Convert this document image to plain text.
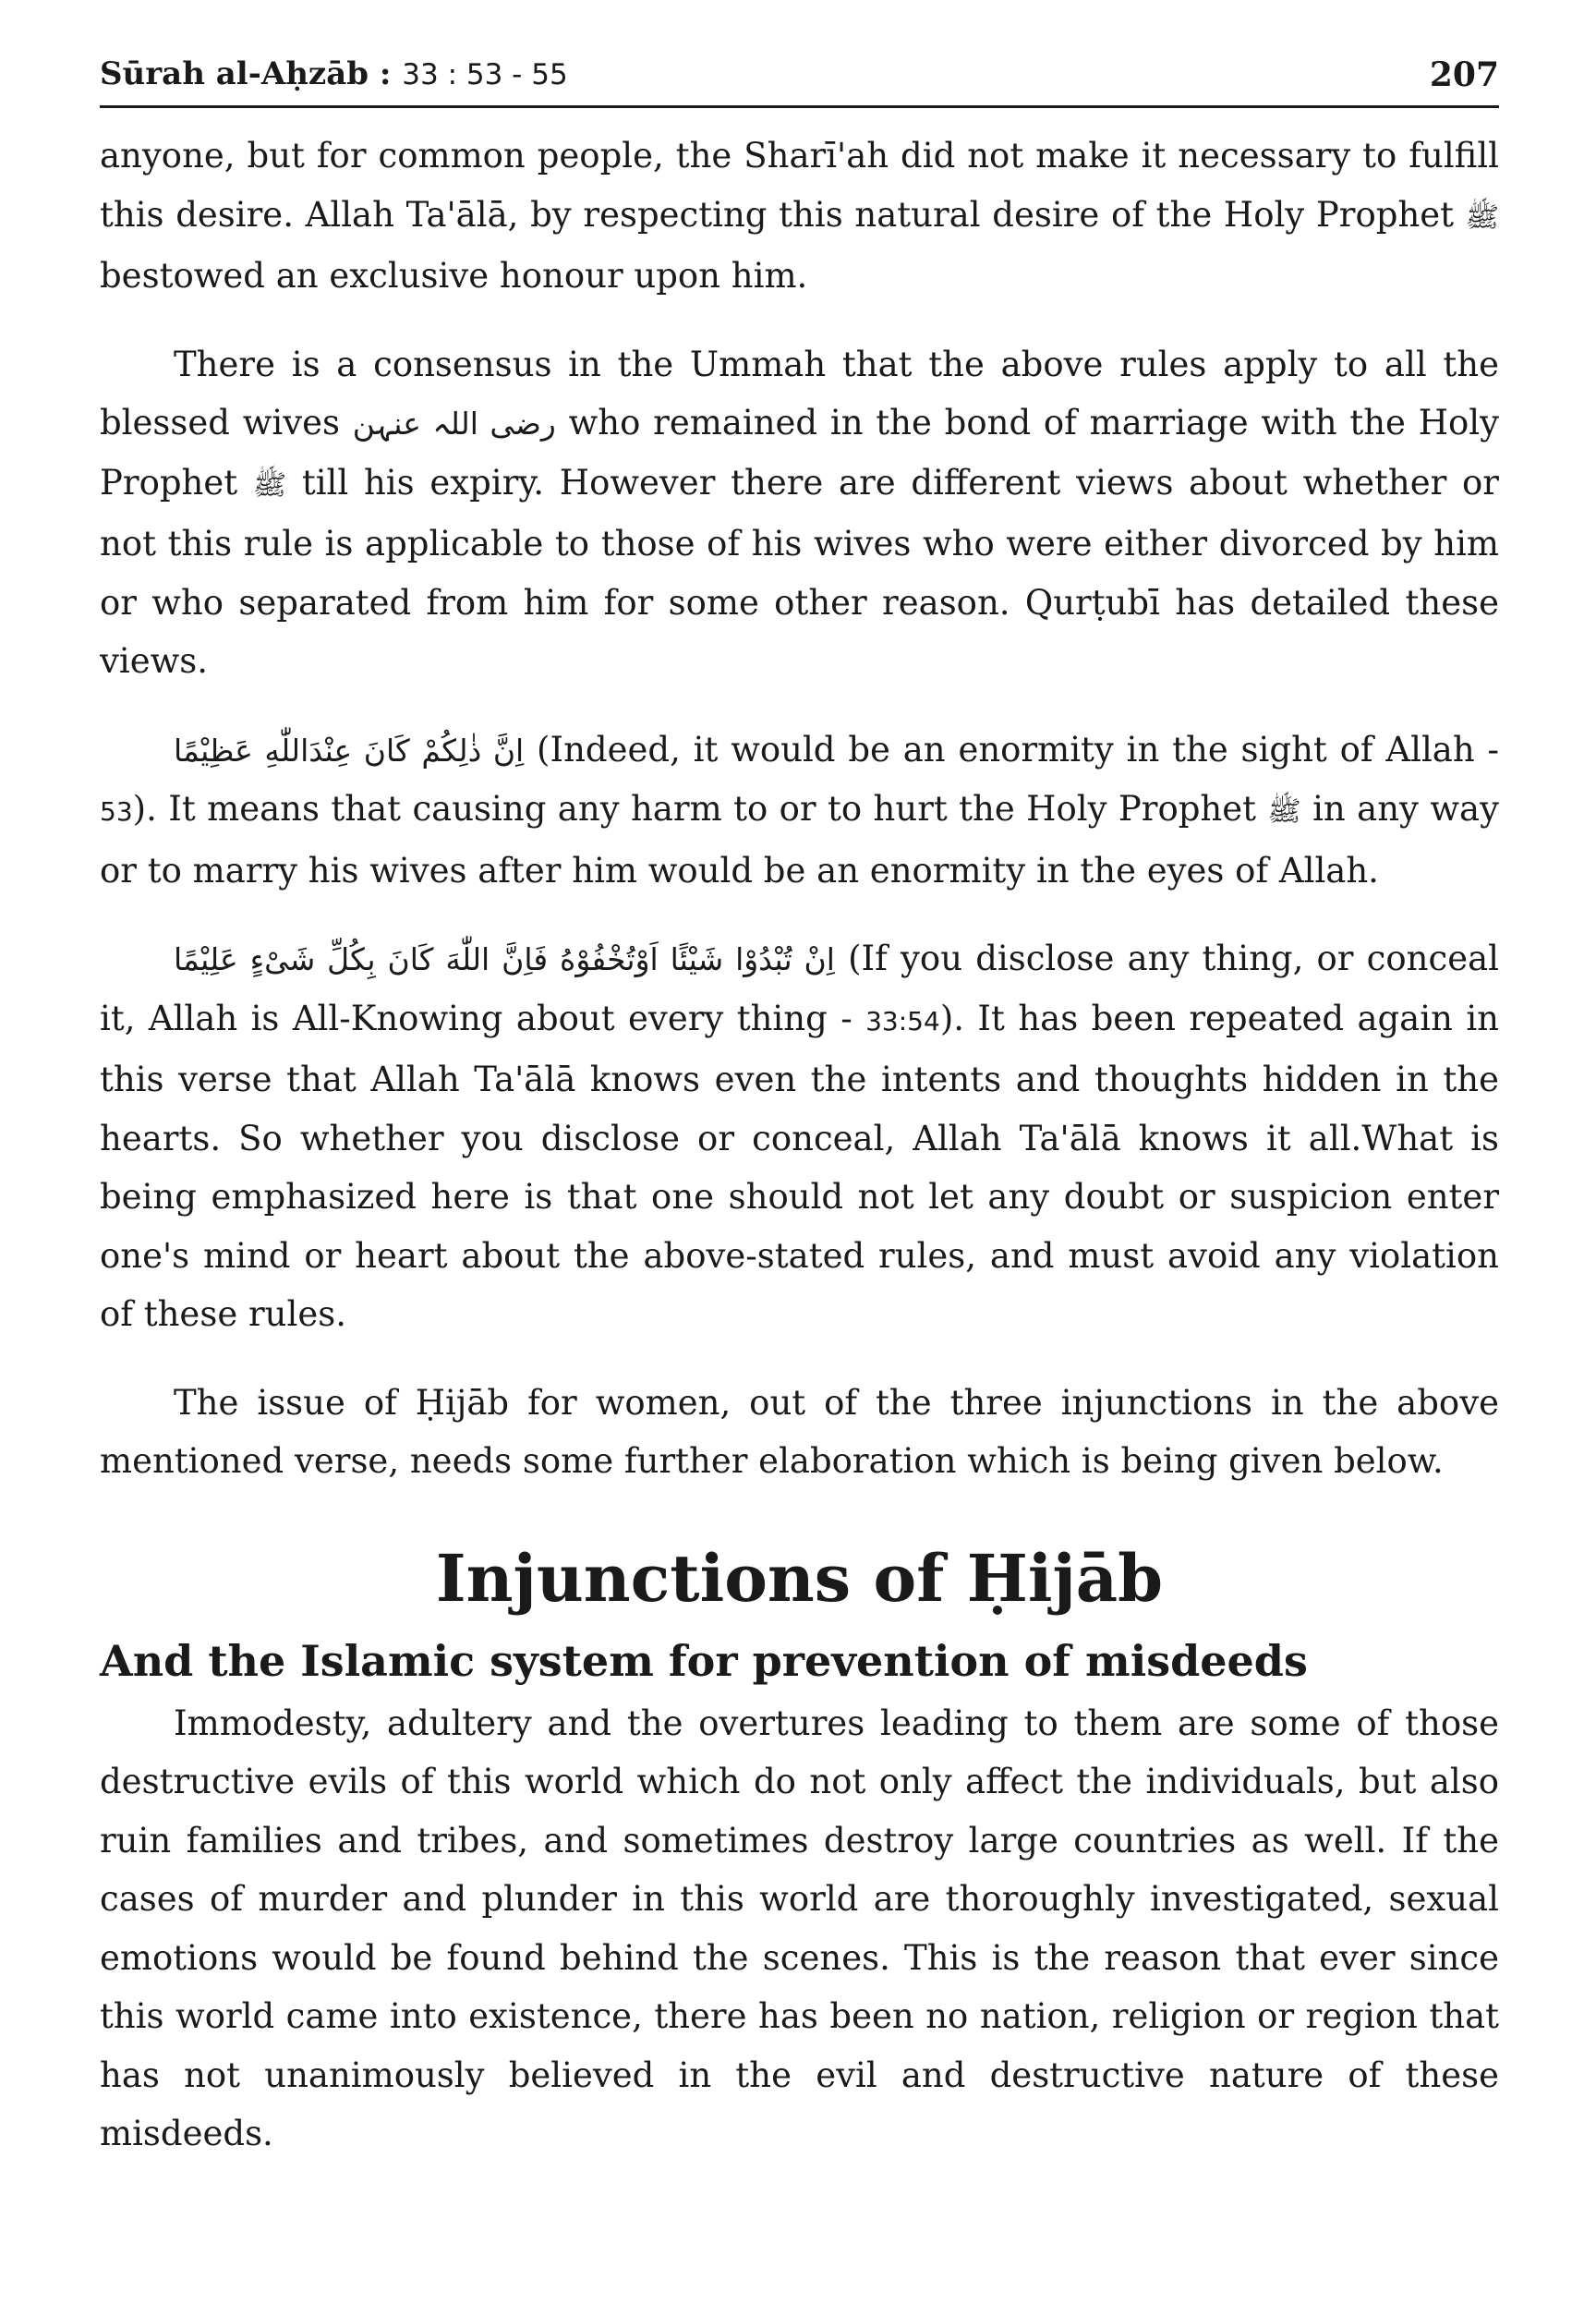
Sūrah al-Aḥzāb : 33 : 53 - 55	207

anyone, but for common people, the Sharī'ah did not make it necessary to fulfill this desire. Allah Ta'ālā, by respecting this natural desire of the Holy Prophet ﷺ bestowed an exclusive honour upon him.

There is a consensus in the Ummah that the above rules apply to all the blessed wives رضی اللہ عنہن who remained in the bond of marriage with the Holy Prophet ﷺ till his expiry. However there are different views about whether or not this rule is applicable to those of his wives who were either divorced by him or who separated from him for some other reason. Qurṭubī has detailed these views.

اِنَّ ذٰلِكُمْ كَانَ عِنْدَاللّٰهِ عَظِيْمًا (Indeed, it would be an enormity in the sight of Allah - 53). It means that causing any harm to or to hurt the Holy Prophet ﷺ in any way or to marry his wives after him would be an enormity in the eyes of Allah.

اِنْ تُبْدُوْا شَيْئًا اَوْتُخْفُوْهُ فَاِنَّ اللّٰهَ كَانَ بِكُلِّ شَیْءٍ عَلِيْمًا (If you disclose any thing, or conceal it, Allah is All-Knowing about every thing - 33:54). It has been repeated again in this verse that Allah Ta'ālā knows even the intents and thoughts hidden in the hearts. So whether you disclose or conceal, Allah Ta'ālā knows it all.What is being emphasized here is that one should not let any doubt or suspicion enter one's mind or heart about the above-stated rules, and must avoid any violation of these rules.

The issue of Ḥijāb for women, out of the three injunctions in the above mentioned verse, needs some further elaboration which is being given below.

Injunctions of Ḥijāb
And the Islamic system for prevention of misdeeds

Immodesty, adultery and the overtures leading to them are some of those destructive evils of this world which do not only affect the individuals, but also ruin families and tribes, and sometimes destroy large countries as well. If the cases of murder and plunder in this world are thoroughly investigated, sexual emotions would be found behind the scenes. This is the reason that ever since this world came into existence, there has been no nation, religion or region that has not unanimously believed in the evil and destructive nature of these misdeeds.
